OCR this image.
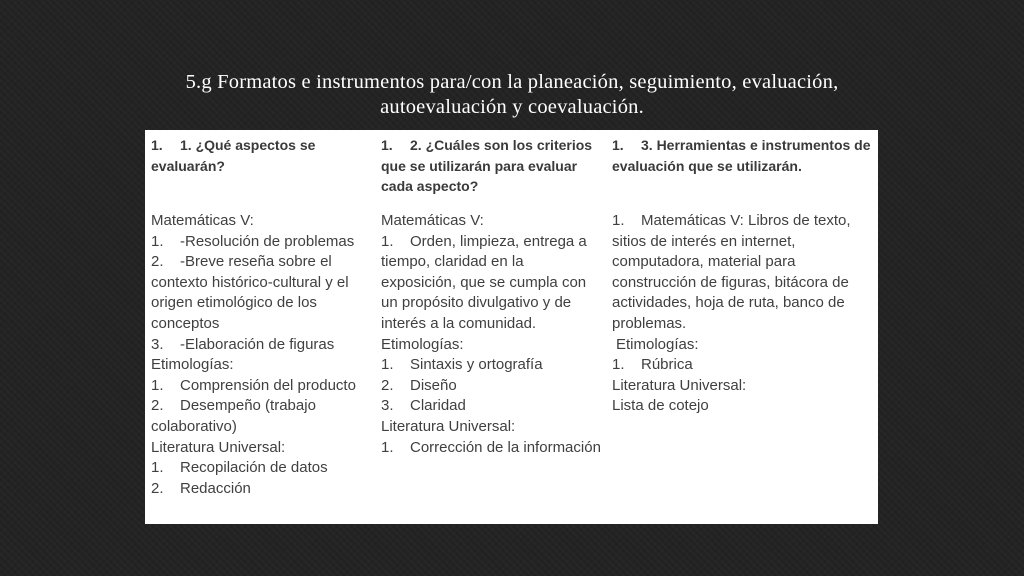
5.g Formatos e instrumentos para/con la planeación, seguimiento, evaluación,
autoevaluación y coevaluación.
1. 1. ¿Qué aspectos se evaluarán?
Matemáticas V:
1. -Resolución de problemas
2. -Breve reseña sobre el contexto histórico-cultural y el origen etimológico de los conceptos
3. -Elaboración de figuras
Etimologías:
1. Comprensión del producto
2. Desempeño (trabajo colaborativo)
Literatura Universal:
1. Recopilación de datos
2. Redacción
1. 2. ¿Cuáles son los criterios que se utilizarán para evaluar cada aspecto?
Matemáticas V:
1. Orden, limpieza, entrega a tiempo, claridad en la exposición, que se cumpla con un propósito divulgativo y de interés a la comunidad.
Etimologías:
1. Sintaxis y ortografía
2. Diseño
3. Claridad
Literatura Universal:
1. Corrección de la información
1. 3. Herramientas e instrumentos de evaluación que se utilizarán.
1. Matemáticas V: Libros de texto, sitios de interés en internet, computadora, material para construcción de figuras, bitácora de actividades, hoja de ruta, banco de problemas.
Etimologías:
1. Rúbrica
Literatura Universal:
Lista de cotejo
